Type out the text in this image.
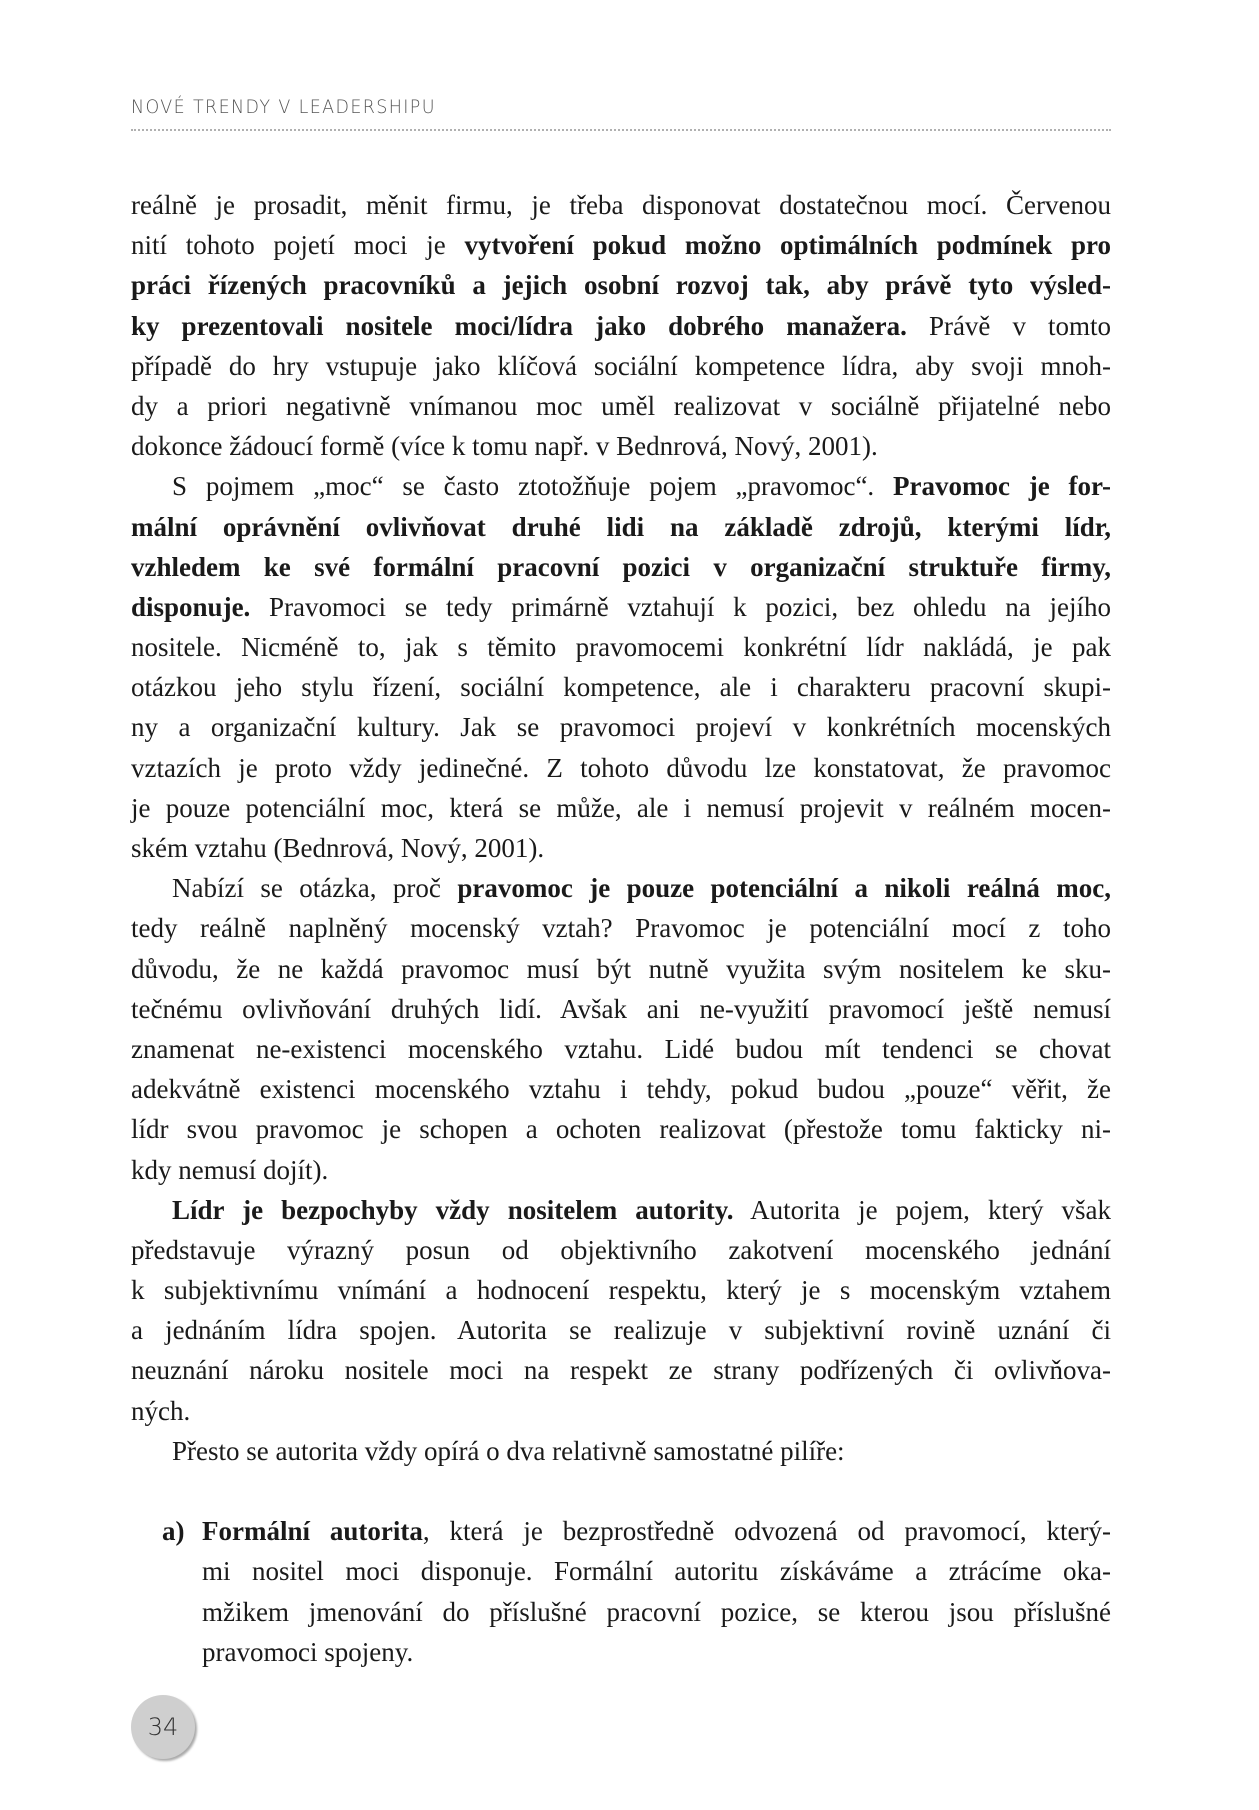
NOVÉ TRENDY V LEADERSHIPU
reálně je prosadit, měnit firmu, je třeba disponovat dostatečnou mocí. Červenou
nití tohoto pojetí moci je vytvoření pokud možno optimálních podmínek pro
práci řízených pracovníků a jejich osobní rozvoj tak, aby právě tyto výsled-
ky prezentovali nositele moci/lídra jako dobrého manažera. Právě v tomto
případě do hry vstupuje jako klíčová sociální kompetence lídra, aby svoji mnoh-
dy a priori negativně vnímanou moc uměl realizovat v sociálně přijatelné nebo
dokonce žádoucí formě (více k tomu např. v Bednrová, Nový, 2001).
S pojmem „moc“ se často ztotožňuje pojem „pravomoc“. Pravomoc je for-
mální oprávnění ovlivňovat druhé lidi na základě zdrojů, kterými lídr,
vzhledem ke své formální pracovní pozici v organizační struktuře firmy,
disponuje. Pravomoci se tedy primárně vztahují k pozici, bez ohledu na jejího
nositele. Nicméně to, jak s těmito pravomocemi konkrétní lídr nakládá, je pak
otázkou jeho stylu řízení, sociální kompetence, ale i charakteru pracovní skupi-
ny a organizační kultury. Jak se pravomoci projeví v konkrétních mocenských
vztazích je proto vždy jedinečné. Z tohoto důvodu lze konstatovat, že pravomoc
je pouze potenciální moc, která se může, ale i nemusí projevit v reálném mocen-
ském vztahu (Bednrová, Nový, 2001).
Nabízí se otázka, proč pravomoc je pouze potenciální a nikoli reálná moc,
tedy reálně naplněný mocenský vztah? Pravomoc je potenciální mocí z toho
důvodu, že ne každá pravomoc musí být nutně využita svým nositelem ke sku-
tečnému ovlivňování druhých lidí. Avšak ani ne-využití pravomocí ještě nemusí
znamenat ne-existenci mocenského vztahu. Lidé budou mít tendenci se chovat
adekvátně existenci mocenského vztahu i tehdy, pokud budou „pouze“ věřit, že
lídr svou pravomoc je schopen a ochoten realizovat (přestože tomu fakticky ni-
kdy nemusí dojít).
Lídr je bezpochyby vždy nositelem autority. Autorita je pojem, který však
představuje výrazný posun od objektivního zakotvení mocenského jednání
k subjektivnímu vnímání a hodnocení respektu, který je s mocenským vztahem
a jednáním lídra spojen. Autorita se realizuje v subjektivní rovině uznání či
neuznání nároku nositele moci na respekt ze strany podřízených či ovlivňova-
ných.
Přesto se autorita vždy opírá o dva relativně samostatné pilíře:
a) Formální autorita, která je bezprostředně odvozená od pravomocí, který-
mi nositel moci disponuje. Formální autoritu získáváme a ztrácíme oka-
mžikem jmenování do příslušné pracovní pozice, se kterou jsou příslušné
pravomoci spojeny.
34
